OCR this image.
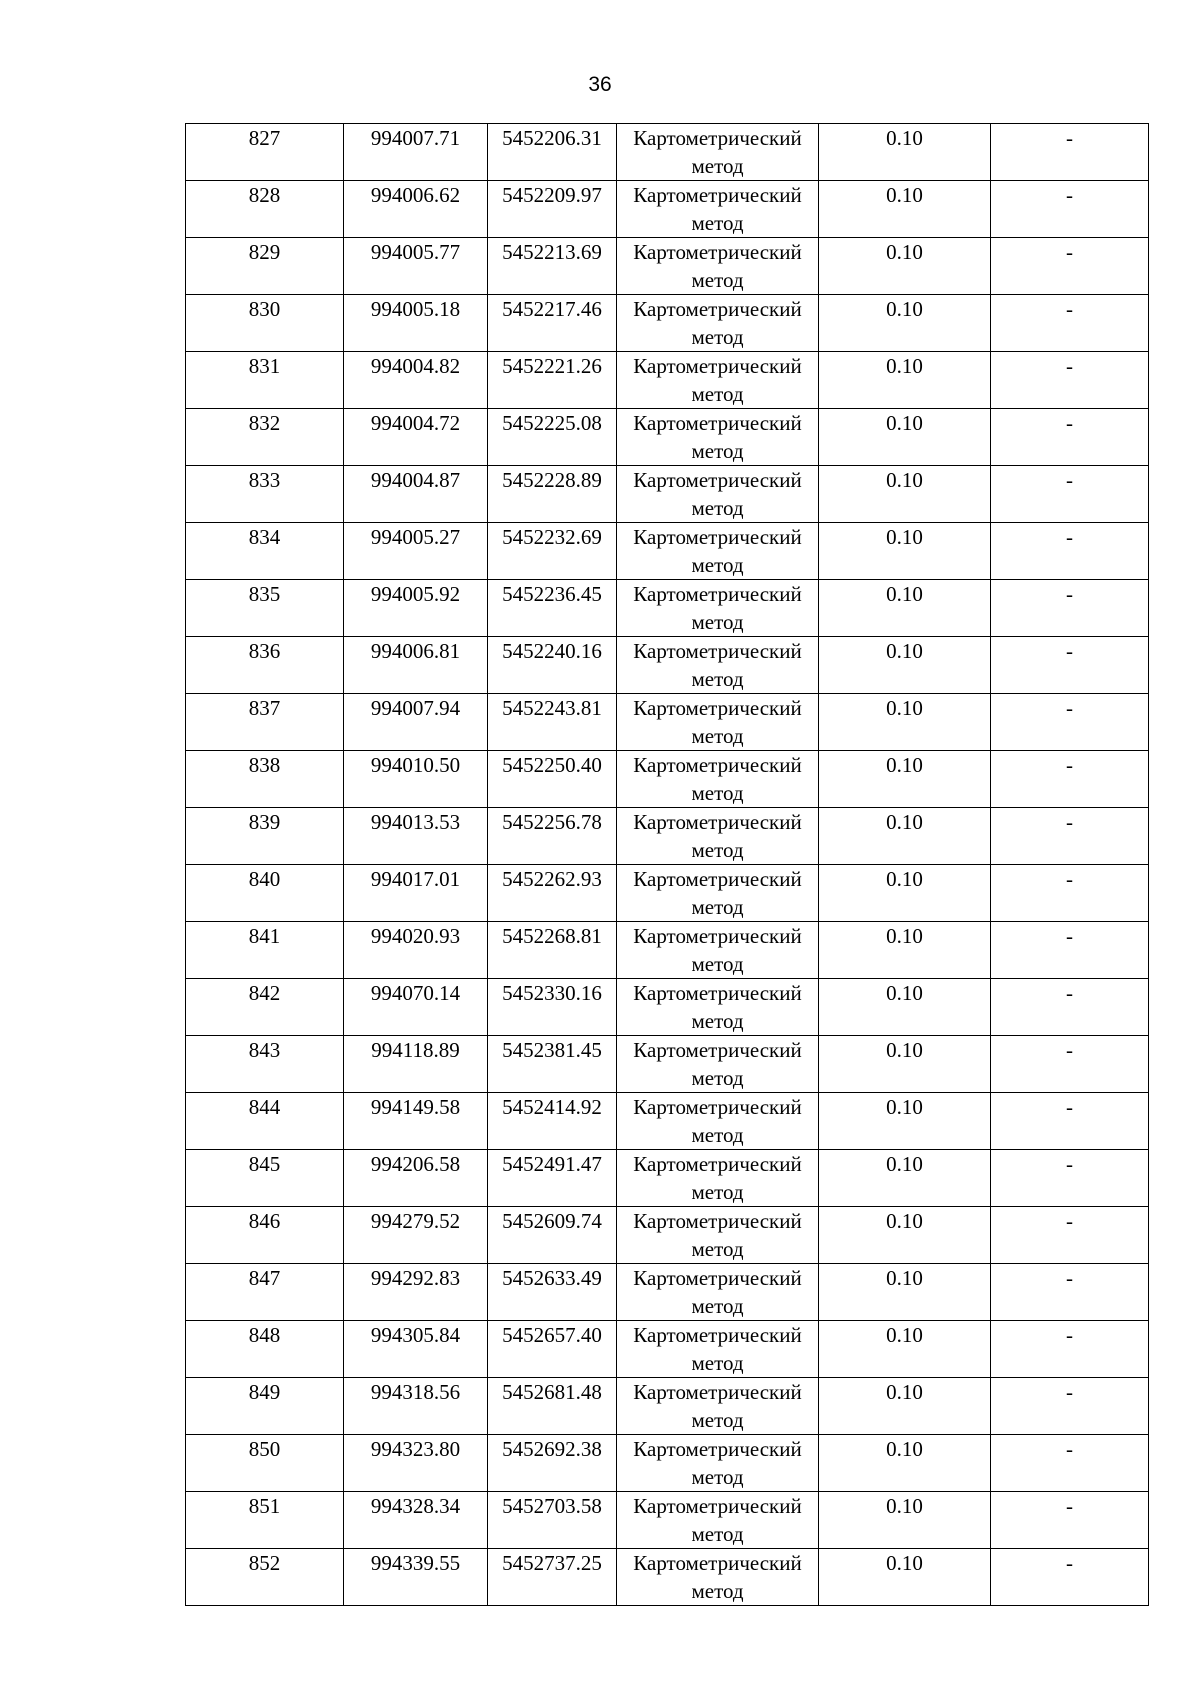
36
827	994007.71	5452206.31	Картометрический метод	0.10	-
828	994006.62	5452209.97	Картометрический метод	0.10	-
829	994005.77	5452213.69	Картометрический метод	0.10	-
830	994005.18	5452217.46	Картометрический метод	0.10	-
831	994004.82	5452221.26	Картометрический метод	0.10	-
832	994004.72	5452225.08	Картометрический метод	0.10	-
833	994004.87	5452228.89	Картометрический метод	0.10	-
834	994005.27	5452232.69	Картометрический метод	0.10	-
835	994005.92	5452236.45	Картометрический метод	0.10	-
836	994006.81	5452240.16	Картометрический метод	0.10	-
837	994007.94	5452243.81	Картометрический метод	0.10	-
838	994010.50	5452250.40	Картометрический метод	0.10	-
839	994013.53	5452256.78	Картометрический метод	0.10	-
840	994017.01	5452262.93	Картометрический метод	0.10	-
841	994020.93	5452268.81	Картометрический метод	0.10	-
842	994070.14	5452330.16	Картометрический метод	0.10	-
843	994118.89	5452381.45	Картометрический метод	0.10	-
844	994149.58	5452414.92	Картометрический метод	0.10	-
845	994206.58	5452491.47	Картометрический метод	0.10	-
846	994279.52	5452609.74	Картометрический метод	0.10	-
847	994292.83	5452633.49	Картометрический метод	0.10	-
848	994305.84	5452657.40	Картометрический метод	0.10	-
849	994318.56	5452681.48	Картометрический метод	0.10	-
850	994323.80	5452692.38	Картометрический метод	0.10	-
851	994328.34	5452703.58	Картометрический метод	0.10	-
852	994339.55	5452737.25	Картометрический метод	0.10	-
